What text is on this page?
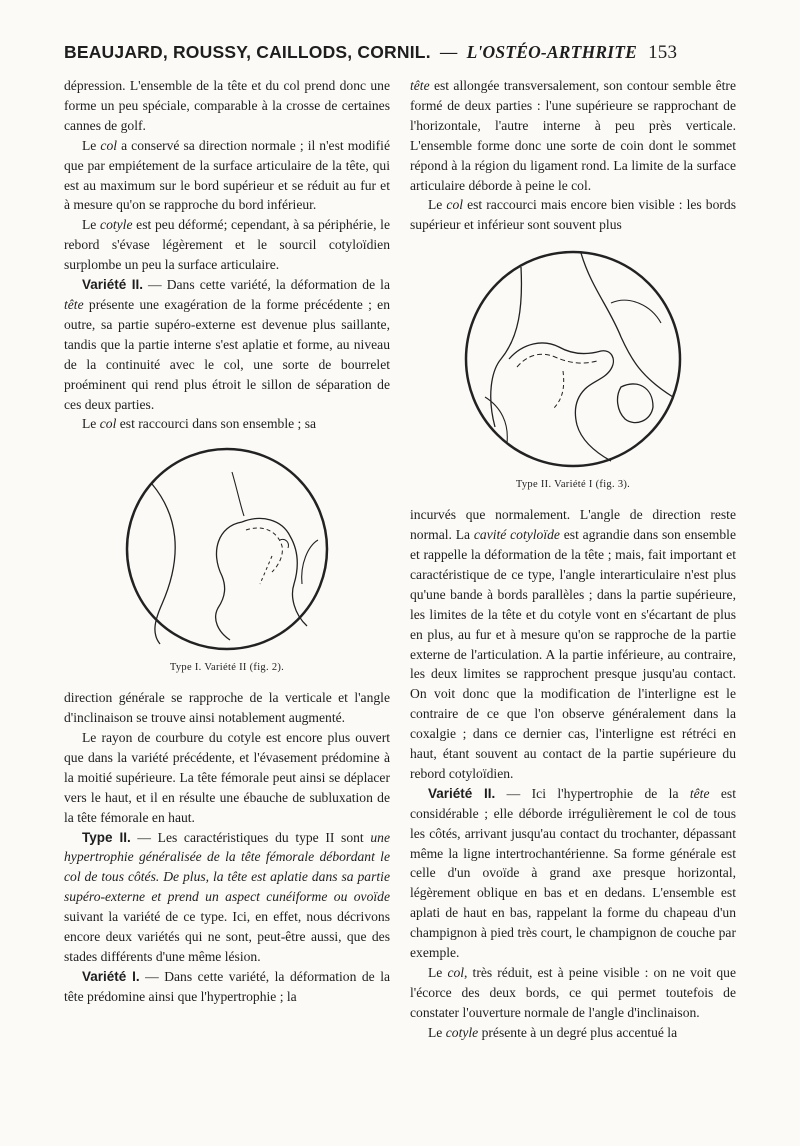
BEAUJARD, ROUSSY, CAILLODS, CORNIL. — L'OSTÉO-ARTHRITE 153

dépression. L'ensemble de la tête et du col prend donc une forme un peu spéciale, comparable à la crosse de certaines cannes de golf.

Le col a conservé sa direction normale ; il n'est modifié que par empiétement de la surface articulaire de la tête, qui est au maximum sur le bord supérieur et se réduit au fur et à mesure qu'on se rapproche du bord inférieur.

Le cotyle est peu déformé; cependant, à sa périphérie, le rebord s'évase légèrement et le sourcil cotyloïdien surplombe un peu la surface articulaire.

Variété II. — Dans cette variété, la déformation de la tête présente une exagération de la forme précédente ; en outre, sa partie supéro-externe est devenue plus saillante, tandis que la partie interne s'est aplatie et forme, au niveau de la continuité avec le col, une sorte de bourrelet proéminent qui rend plus étroit le sillon de séparation de ces deux parties.

Le col est raccourci dans son ensemble ; sa

Type I. Variété II (fig. 2).

direction générale se rapproche de la verticale et l'angle d'inclinaison se trouve ainsi notablement augmenté.

Le rayon de courbure du cotyle est encore plus ouvert que dans la variété précédente, et l'évasement prédomine à la moitié supérieure. La tête fémorale peut ainsi se déplacer vers le haut, et il en résulte une ébauche de subluxation de la tête fémorale en haut.

Type II. — Les caractéristiques du type II sont une hypertrophie généralisée de la tête fémorale débordant le col de tous côtés. De plus, la tête est aplatie dans sa partie supéro-externe et prend un aspect cunéiforme ou ovoïde suivant la variété de ce type. Ici, en effet, nous décrivons encore deux variétés qui ne sont, peut-être aussi, que des stades différents d'une même lésion.

Variété I. — Dans cette variété, la déformation de la tête prédomine ainsi que l'hypertrophie ; la

tête est allongée transversalement, son contour semble être formé de deux parties : l'une supérieure se rapprochant de l'horizontale, l'autre interne à peu près verticale. L'ensemble forme donc une sorte de coin dont le sommet répond à la région du ligament rond. La limite de la surface articulaire déborde à peine le col.

Le col est raccourci mais encore bien visible : les bords supérieur et inférieur sont souvent plus

Type II. Variété I (fig. 3).

incurvés que normalement. L'angle de direction reste normal. La cavité cotyloïde est agrandie dans son ensemble et rappelle la déformation de la tête ; mais, fait important et caractéristique de ce type, l'angle interarticulaire n'est plus qu'une bande à bords parallèles ; dans la partie supérieure, les limites de la tête et du cotyle vont en s'écartant de plus en plus, au fur et à mesure qu'on se rapproche de la partie externe de l'articulation. A la partie inférieure, au contraire, les deux limites se rapprochent presque jusqu'au contact. On voit donc que la modification de l'interligne est le contraire de ce que l'on observe généralement dans la coxalgie ; dans ce dernier cas, l'interligne est rétréci en haut, étant souvent au contact de la partie supérieure du rebord cotyloïdien.

Variété II. — Ici l'hypertrophie de la tête est considérable ; elle déborde irrégulièrement le col de tous les côtés, arrivant jusqu'au contact du trochanter, dépassant même la ligne intertrochantérienne. Sa forme générale est celle d'un ovoïde à grand axe presque horizontal, légèrement oblique en bas et en dedans. L'ensemble est aplati de haut en bas, rappelant la forme du chapeau d'un champignon à pied très court, le champignon de couche par exemple.

Le col, très réduit, est à peine visible : on ne voit que l'écorce des deux bords, ce qui permet toutefois de constater l'ouverture normale de l'angle d'inclinaison.

Le cotyle présente à un degré plus accentué la
